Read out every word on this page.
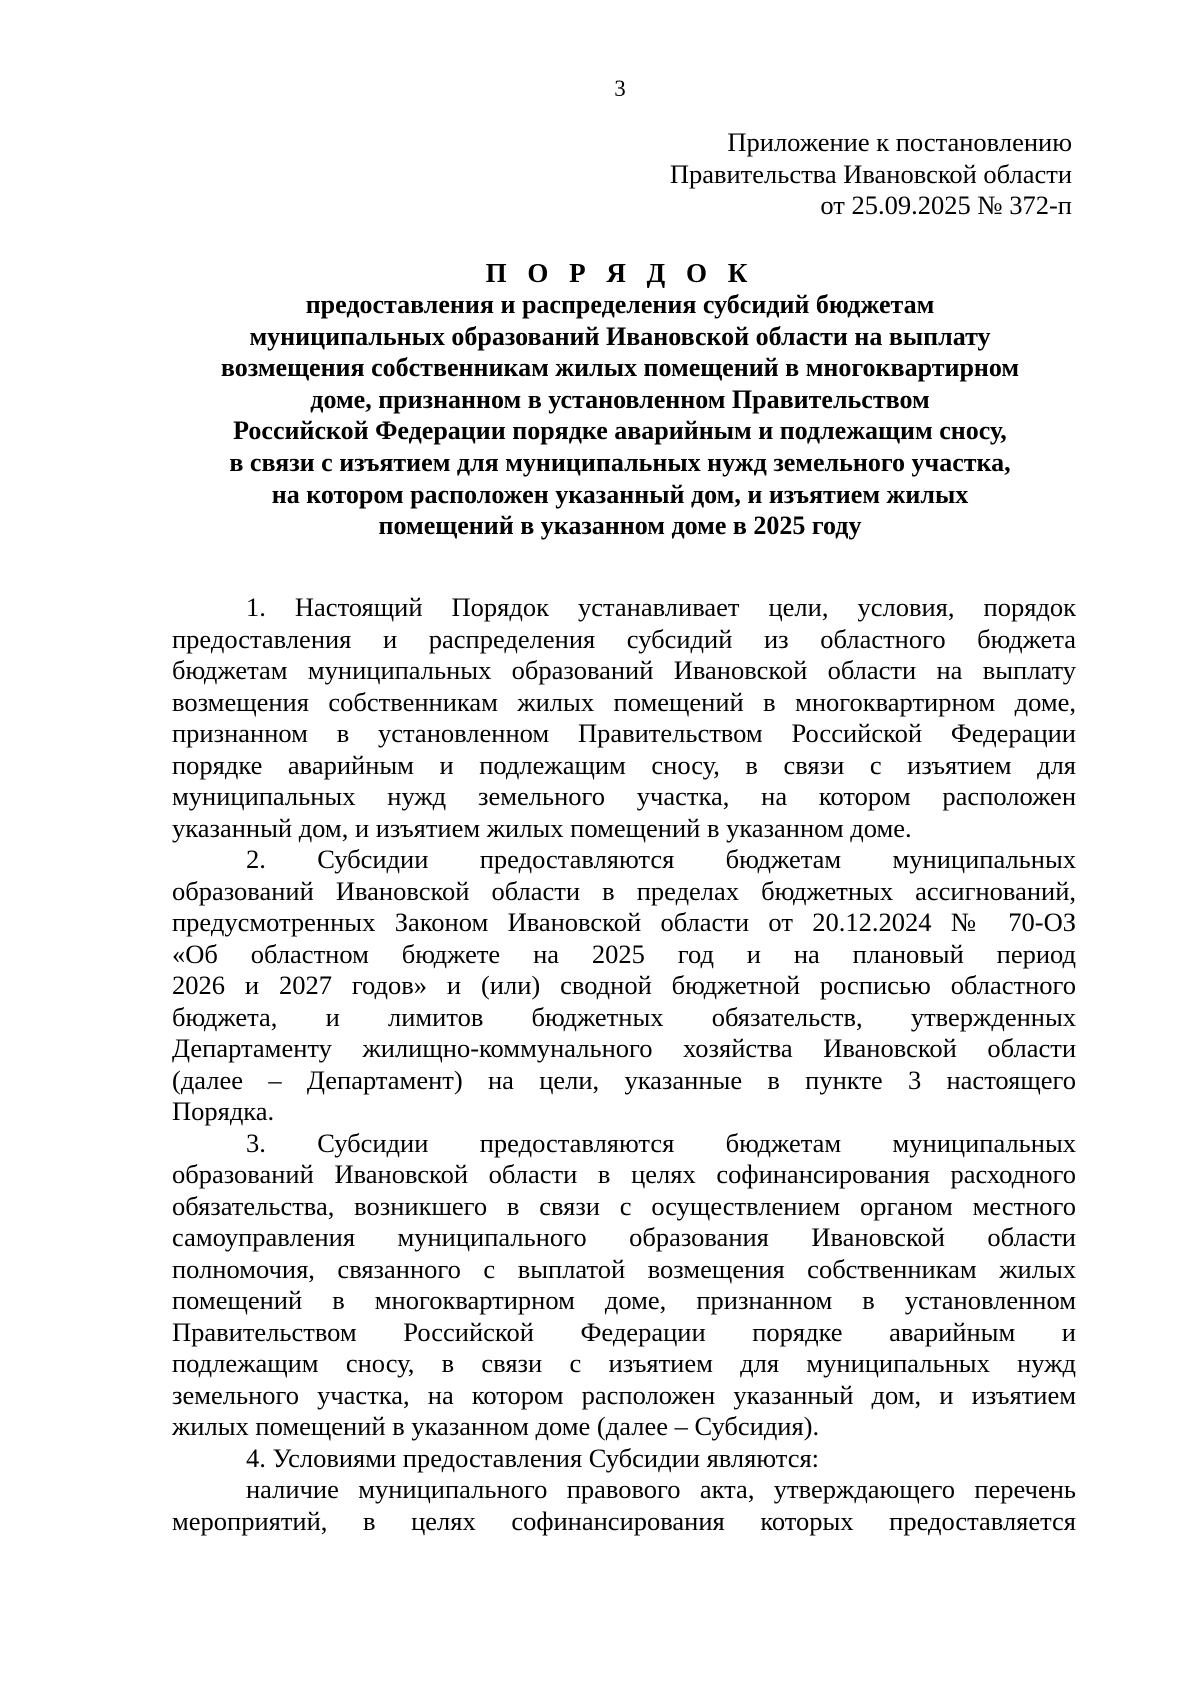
3
Приложение к постановлению
Правительства Ивановской области
от 25.09.2025 № 372-п
П О Р Я Д О К
предоставления и распределения субсидий бюджетам
муниципальных образований Ивановской области на выплату
возмещения собственникам жилых помещений в многоквартирном
доме, признанном в установленном Правительством
Российской Федерации порядке аварийным и подлежащим сносу,
в связи с изъятием для муниципальных нужд земельного участка,
на котором расположен указанный дом, и изъятием жилых
помещений в указанном доме в 2025 году
1. Настоящий Порядок устанавливает цели, условия, порядок
предоставления и распределения субсидий из областного бюджета
бюджетам муниципальных образований Ивановской области на выплату
возмещения собственникам жилых помещений в многоквартирном доме,
признанном в установленном Правительством Российской Федерации
порядке аварийным и подлежащим сносу, в связи с изъятием для
муниципальных нужд земельного участка, на котором расположен
указанный дом, и изъятием жилых помещений в указанном доме.
2. Субсидии предоставляются бюджетам муниципальных
образований Ивановской области в пределах бюджетных ассигнований,
предусмотренных Законом Ивановской области от 20.12.2024 № 70-ОЗ
«Об областном бюджете на 2025 год и на плановый период
2026 и 2027 годов» и (или) сводной бюджетной росписью областного
бюджета, и лимитов бюджетных обязательств, утвержденных
Департаменту жилищно-коммунального хозяйства Ивановской области
(далее – Департамент) на цели, указанные в пункте 3 настоящего
Порядка.
3. Субсидии предоставляются бюджетам муниципальных
образований Ивановской области в целях софинансирования расходного
обязательства, возникшего в связи с осуществлением органом местного
самоуправления муниципального образования Ивановской области
полномочия, связанного с выплатой возмещения собственникам жилых
помещений в многоквартирном доме, признанном в установленном
Правительством Российской Федерации порядке аварийным и
подлежащим сносу, в связи с изъятием для муниципальных нужд
земельного участка, на котором расположен указанный дом, и изъятием
жилых помещений в указанном доме (далее – Субсидия).
4. Условиями предоставления Субсидии являются:
наличие муниципального правового акта, утверждающего перечень
мероприятий, в целях софинансирования которых предоставляется
